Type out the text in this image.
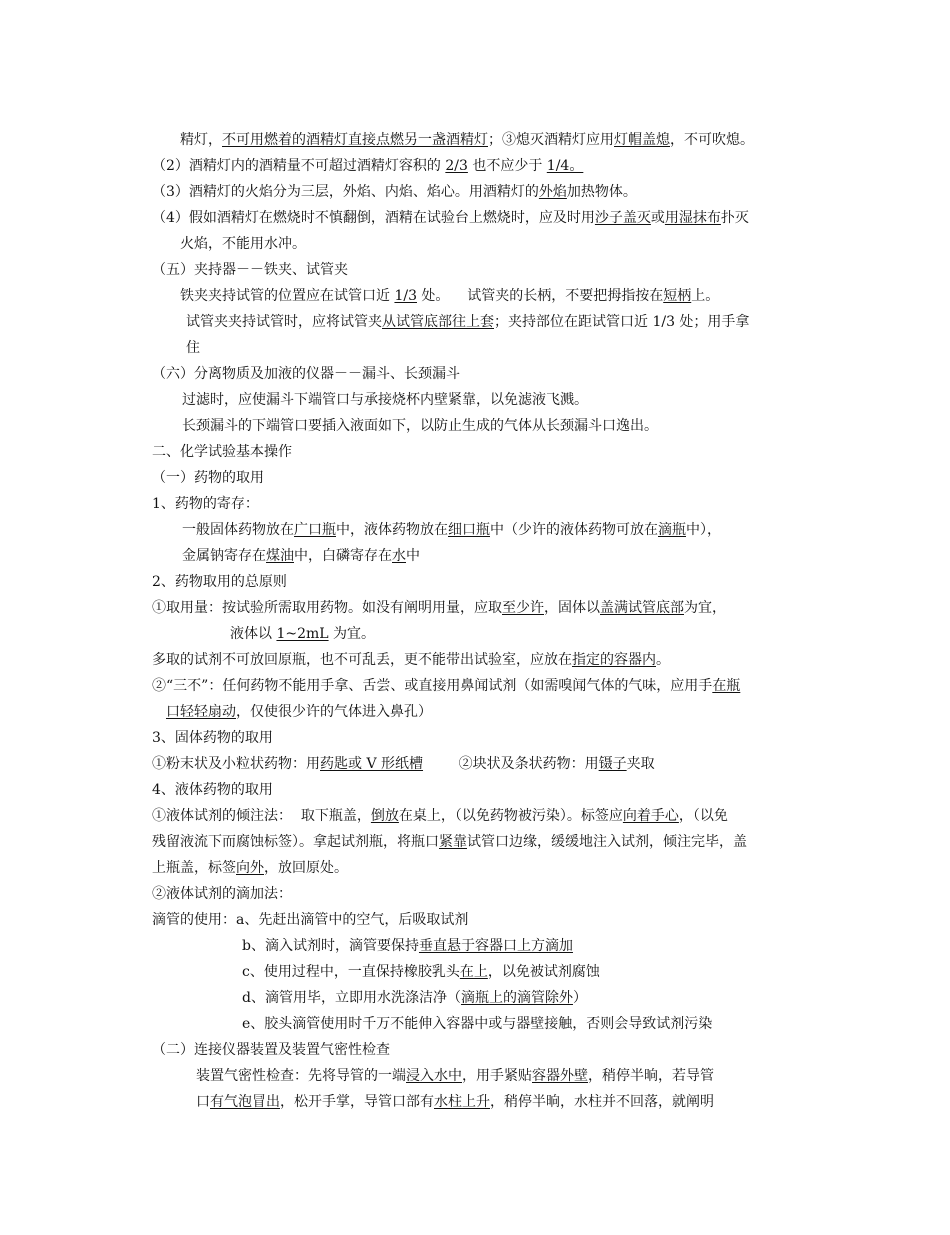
精灯，不可用燃着的酒精灯直接点燃另一盏酒精灯；③熄灭酒精灯应用灯帽盖熄，不可吹熄。
（2）酒精灯内的酒精量不可超过酒精灯容积的 2/3 也不应少于 1/4。
（3）酒精灯的火焰分为三层，外焰、内焰、焰心。用酒精灯的外焰加热物体。
（4）假如酒精灯在燃烧时不慎翻倒，酒精在试验台上燃烧时，应及时用沙子盖灭或用湿抹布扑灭
火焰，不能用水冲。
（五）夹持器－－铁夹、试管夹
铁夹夹持试管的位置应在试管口近 1/3 处。    试管夹的长柄，不要把拇指按在短柄上。
试管夹夹持试管时，应将试管夹从试管底部往上套；夹持部位在距试管口近 1/3 处；用手拿
住
（六）分离物质及加液的仪器－－漏斗、长颈漏斗
过滤时，应使漏斗下端管口与承接烧杯内壁紧靠，以免滤液飞溅。
长颈漏斗的下端管口要插入液面如下，以防止生成的气体从长颈漏斗口逸出。
二、化学试验基本操作
（一）药物的取用
1、药物的寄存：
一般固体药物放在广口瓶中，液体药物放在细口瓶中（少许的液体药物可放在滴瓶中），
金属钠寄存在煤油中，白磷寄存在水中
2、药物取用的总原则
①取用量：按试验所需取用药物。如没有阐明用量，应取至少许，固体以盖满试管底部为宜，
液体以 1~2mL 为宜。
多取的试剂不可放回原瓶，也不可乱丢，更不能带出试验室，应放在指定的容器内。
②“三不”：任何药物不能用手拿、舌尝、或直接用鼻闻试剂（如需嗅闻气体的气味，应用手在瓶
口轻轻扇动，仅使很少许的气体进入鼻孔）
3、固体药物的取用
①粉末状及小粒状药物：用药匙或 V 形纸槽        ②块状及条状药物：用镊子夹取
4、液体药物的取用
①液体试剂的倾注法：  取下瓶盖，倒放在桌上，（以免药物被污染）。标签应向着手心，（以免
残留液流下而腐蚀标签）。拿起试剂瓶，将瓶口紧靠试管口边缘，缓缓地注入试剂，倾注完毕，盖
上瓶盖，标签向外，放回原处。
②液体试剂的滴加法：
滴管的使用：a、先赶出滴管中的空气，后吸取试剂
b、滴入试剂时，滴管要保持垂直悬于容器口上方滴加
c、使用过程中，一直保持橡胶乳头在上，以免被试剂腐蚀
d、滴管用毕，立即用水洗涤洁净（滴瓶上的滴管除外）
e、胶头滴管使用时千万不能伸入容器中或与器壁接触，否则会导致试剂污染
（二）连接仪器装置及装置气密性检查
装置气密性检查：先将导管的一端浸入水中，用手紧贴容器外壁，稍停半晌，若导管
口有气泡冒出，松开手掌，导管口部有水柱上升，稍停半晌，水柱并不回落，就阐明
